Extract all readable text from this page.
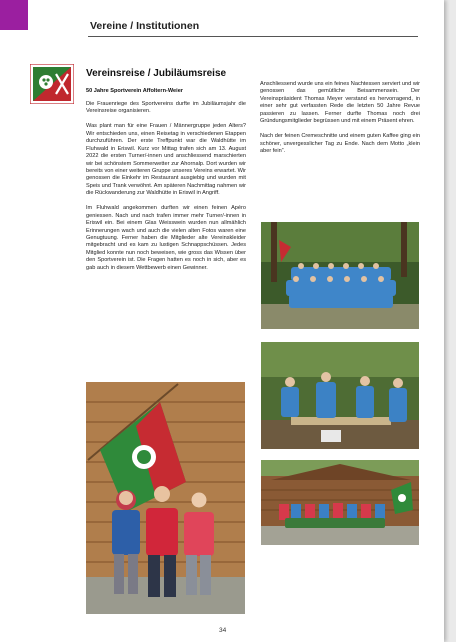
Vereine / Institutionen
Vereinsreise / Jubiläumsreise
50 Jahre Sportverein Affoltern-Weier

Die Frauenriege des Sportvereins durfte im Jubiläumsjahr die Vereinsreise organisieren.

Was plant man für eine Frauen / Männergruppe jeden Alters? Wir entschieden uns, einen Reisetag in verschiedenen Etappen durchzuführen. Der erste Treffpunkt war die Waldhütte im Fluhwald in Eriswil. Kurz vor Mittag trafen sich am 13. August 2022 die ersten Turner/-innen und anschliessend marschierten wir bei schönstem Sommerwetter zur Ahornalp. Dort wurden wir bereits von einer weiteren Gruppe unseres Vereins erwartet. Wir genossen die Einkehr im Restaurant ausgiebig und wurden mit Speis und Trank verwöhnt. Am späteren Nachmittag nahmen wir die Rückwanderung zur Waldhütte in Eriswil in Angriff.

Im Fluhwald angekommen durften wir einen feinen Apéro geniessen. Nach und nach trafen immer mehr Turner/-innen in Eriswil ein. Bei einem Glas Weisswein wurden nun allmählich Erinnerungen wach und auch die vielen alten Fotos waren eine Genugtuung. Ferner haben die Mitglieder alte Vereinskleider mitgebracht und es kam zu lustigen Schnappschüssen. Jedes Mitglied konnte nun noch beweisen, wie gross das Wissen über den Sportverein ist. Die Fragen hatten es noch in sich, aber es gab auch in diesem Wettbewerb einen Gewinner.

Anschliessend wurde uns ein feines Nachtessen serviert und wir genossen das gemütliche Beisammensein. Der Vereinspräsident Thomas Meyer verstand es hervorragend, in einer sehr gut verfassten Rede die letzten 50 Jahre Revue passieren zu lassen. Ferner durfte Thomas noch drei Gründungsmitglieder begrüssen und mit einem Präsent ehren.

Nach der feinen Cremeschnitte und einem guten Kaffee ging ein schöner, unvergesslicher Tag zu Ende. Nach dem Motto „klein aber fein“.

34
